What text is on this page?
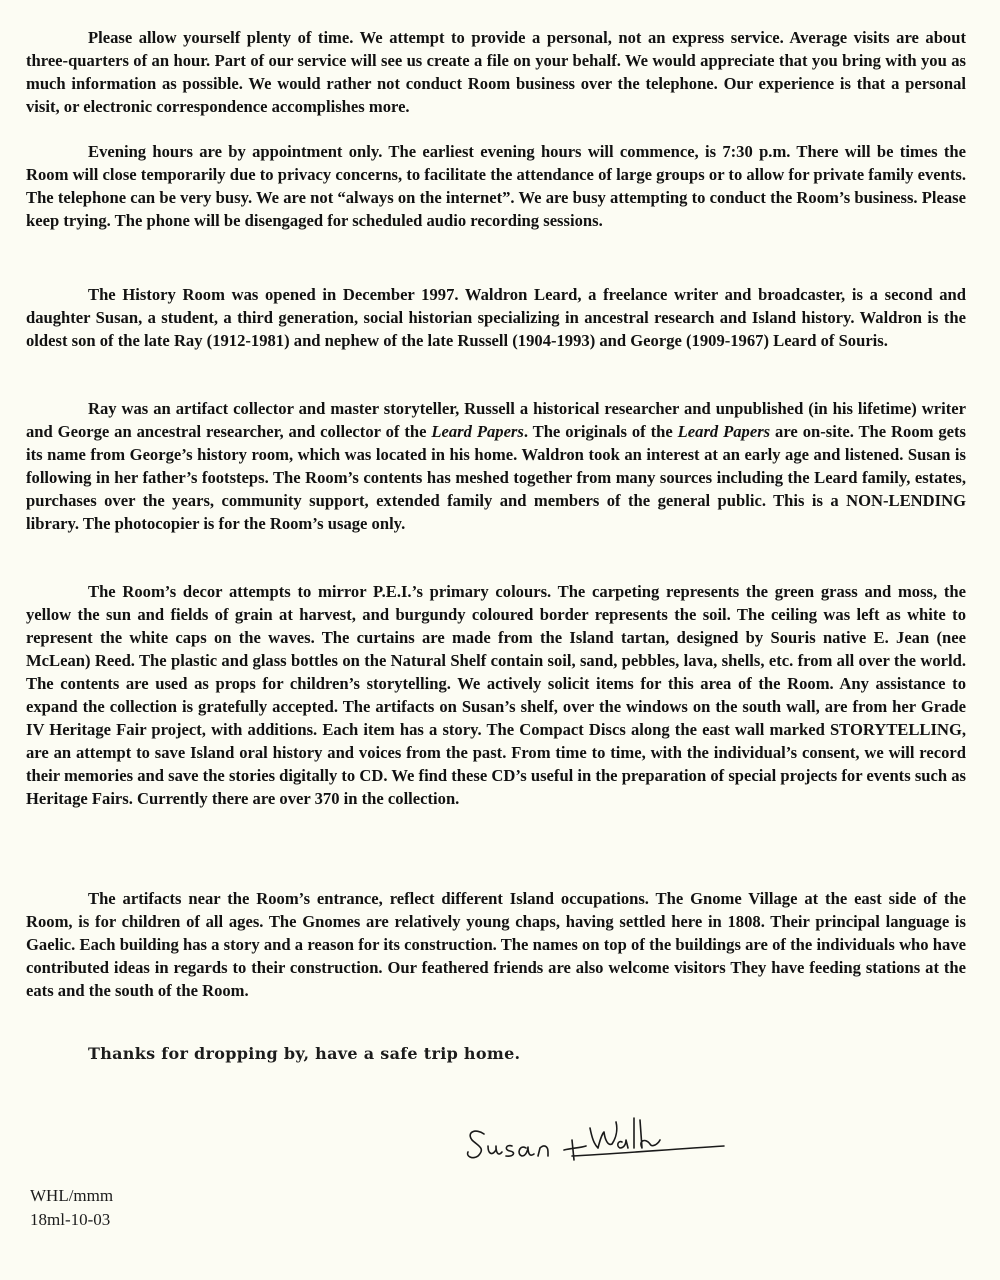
Please allow yourself plenty of time. We attempt to provide a personal, not an express service. Average visits are about three-quarters of an hour. Part of our service will see us create a file on your behalf. We would appreciate that you bring with you as much information as possible. We would rather not conduct Room business over the telephone. Our experience is that a personal visit, or electronic correspondence accomplishes more.

Evening hours are by appointment only. The earliest evening hours will commence, is 7:30 p.m. There will be times the Room will close temporarily due to privacy concerns, to facilitate the attendance of large groups or to allow for private family events. The telephone can be very busy. We are not “always on the internet”. We are busy attempting to conduct the Room’s business. Please keep trying. The phone will be disengaged for scheduled audio recording sessions.

The History Room was opened in December 1997. Waldron Leard, a freelance writer and broadcaster, is a second and daughter Susan, a student, a third generation, social historian specializing in ancestral research and Island history. Waldron is the oldest son of the late Ray (1912-1981) and nephew of the late Russell (1904-1993) and George (1909-1967) Leard of Souris.

Ray was an artifact collector and master storyteller, Russell a historical researcher and unpublished (in his lifetime) writer and George an ancestral researcher, and collector of the Leard Papers. The originals of the Leard Papers are on-site. The Room gets its name from George’s history room, which was located in his home. Waldron took an interest at an early age and listened. Susan is following in her father’s footsteps. The Room’s contents has meshed together from many sources including the Leard family, estates, purchases over the years, community support, extended family and members of the general public. This is a NON-LENDING library. The photocopier is for the Room’s usage only.

The Room’s decor attempts to mirror P.E.I.’s primary colours. The carpeting represents the green grass and moss, the yellow the sun and fields of grain at harvest, and burgundy coloured border represents the soil. The ceiling was left as white to represent the white caps on the waves. The curtains are made from the Island tartan, designed by Souris native E. Jean (nee McLean) Reed. The plastic and glass bottles on the Natural Shelf contain soil, sand, pebbles, lava, shells, etc. from all over the world. The contents are used as props for children’s storytelling. We actively solicit items for this area of the Room. Any assistance to expand the collection is gratefully accepted. The artifacts on Susan’s shelf, over the windows on the south wall, are from her Grade IV Heritage Fair project, with additions. Each item has a story. The Compact Discs along the east wall marked STORYTELLING, are an attempt to save Island oral history and voices from the past. From time to time, with the individual’s consent, we will record their memories and save the stories digitally to CD. We find these CD’s useful in the preparation of special projects for events such as Heritage Fairs. Currently there are over 370 in the collection.

The artifacts near the Room’s entrance, reflect different Island occupations. The Gnome Village at the east side of the Room, is for children of all ages. The Gnomes are relatively young chaps, having settled here in 1808. Their principal language is Gaelic. Each building has a story and a reason for its construction. The names on top of the buildings are of the individuals who have contributed ideas in regards to their construction. Our feathered friends are also welcome visitors They have feeding stations at the eats and the south of the Room.

Thanks for dropping by, have a safe trip home.
WHL/mmm
18ml-10-03
